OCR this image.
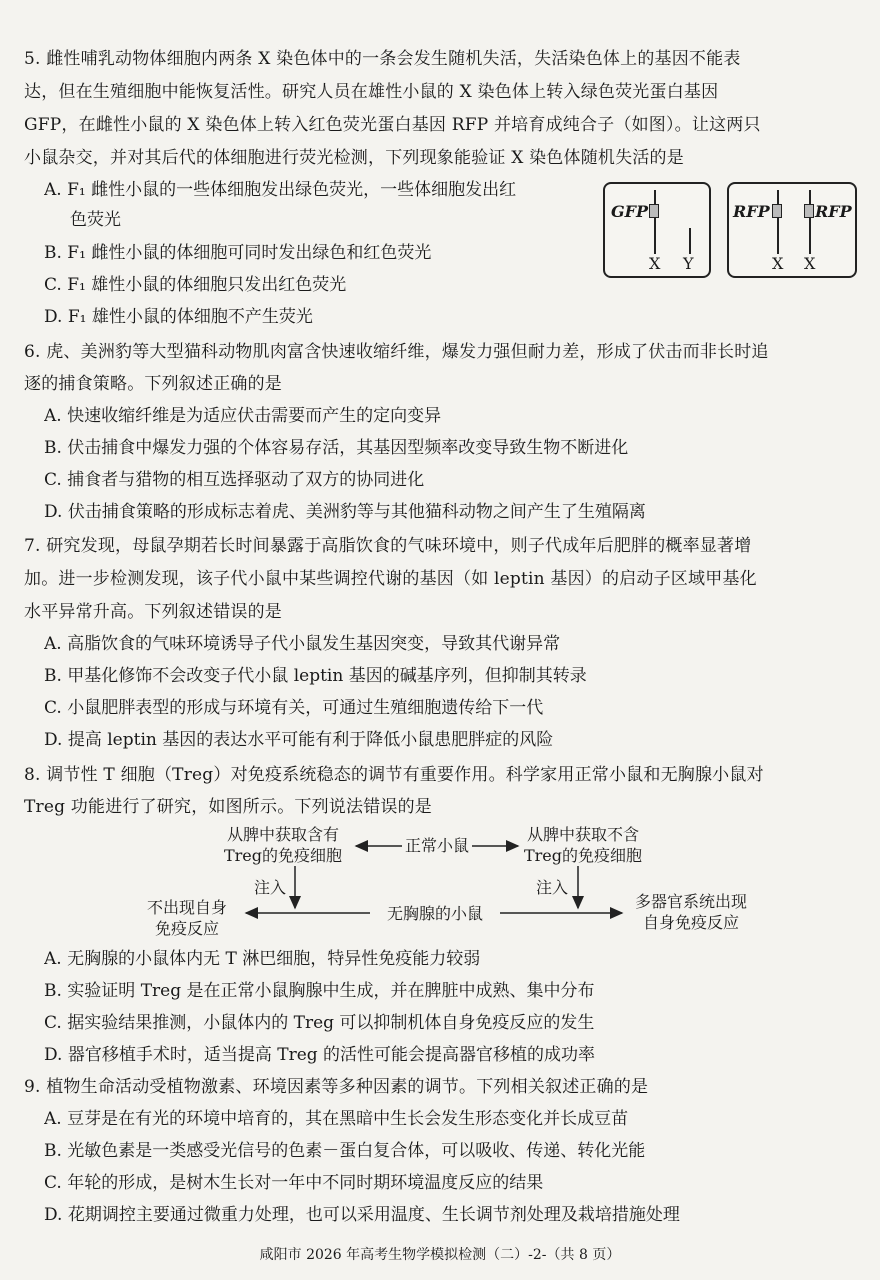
5. 雌性哺乳动物体细胞内两条 X 染色体中的一条会发生随机失活，失活染色体上的基因不能表
达，但在生殖细胞中能恢复活性。研究人员在雄性小鼠的 X 染色体上转入绿色荧光蛋白基因
GFP，在雌性小鼠的 X 染色体上转入红色荧光蛋白基因 RFP 并培育成纯合子（如图）。让这两只
小鼠杂交，并对其后代的体细胞进行荧光检测，下列现象能验证 X 染色体随机失活的是
A. F₁ 雌性小鼠的一些体细胞发出绿色荧光，一些体细胞发出红
色荧光
B. F₁ 雌性小鼠的体细胞可同时发出绿色和红色荧光
C. F₁ 雄性小鼠的体细胞只发出红色荧光
D. F₁ 雄性小鼠的体细胞不产生荧光
GFP
X Y
RFP	RFP
X X
6. 虎、美洲豹等大型猫科动物肌肉富含快速收缩纤维，爆发力强但耐力差，形成了伏击而非长时追
逐的捕食策略。下列叙述正确的是
A. 快速收缩纤维是为适应伏击需要而产生的定向变异
B. 伏击捕食中爆发力强的个体容易存活，其基因型频率改变导致生物不断进化
C. 捕食者与猎物的相互选择驱动了双方的协同进化
D. 伏击捕食策略的形成标志着虎、美洲豹等与其他猫科动物之间产生了生殖隔离
7. 研究发现，母鼠孕期若长时间暴露于高脂饮食的气味环境中，则子代成年后肥胖的概率显著增
加。进一步检测发现，该子代小鼠中某些调控代谢的基因（如 leptin 基因）的启动子区域甲基化
水平异常升高。下列叙述错误的是
A. 高脂饮食的气味环境诱导子代小鼠发生基因突变，导致其代谢异常
B. 甲基化修饰不会改变子代小鼠 leptin 基因的碱基序列，但抑制其转录
C. 小鼠肥胖表型的形成与环境有关，可通过生殖细胞遗传给下一代
D. 提高 leptin 基因的表达水平可能有利于降低小鼠患肥胖症的风险
8. 调节性 T 细胞（Treg）对免疫系统稳态的调节有重要作用。科学家用正常小鼠和无胸腺小鼠对
Treg 功能进行了研究，如图所示。下列说法错误的是
从脾中获取含有
Treg的免疫细胞
正常小鼠
从脾中获取不含
Treg的免疫细胞
注入	注入
不出现自身
免疫反应
无胸腺的小鼠
多器官系统出现
自身免疫反应
A. 无胸腺的小鼠体内无 T 淋巴细胞，特异性免疫能力较弱
B. 实验证明 Treg 是在正常小鼠胸腺中生成，并在脾脏中成熟、集中分布
C. 据实验结果推测，小鼠体内的 Treg 可以抑制机体自身免疫反应的发生
D. 器官移植手术时，适当提高 Treg 的活性可能会提高器官移植的成功率
9. 植物生命活动受植物激素、环境因素等多种因素的调节。下列相关叙述正确的是
A. 豆芽是在有光的环境中培育的，其在黑暗中生长会发生形态变化并长成豆苗
B. 光敏色素是一类感受光信号的色素－蛋白复合体，可以吸收、传递、转化光能
C. 年轮的形成，是树木生长对一年中不同时期环境温度反应的结果
D. 花期调控主要通过微重力处理，也可以采用温度、生长调节剂处理及栽培措施处理
咸阳市 2026 年高考生物学模拟检测（二）-2-（共 8 页）
